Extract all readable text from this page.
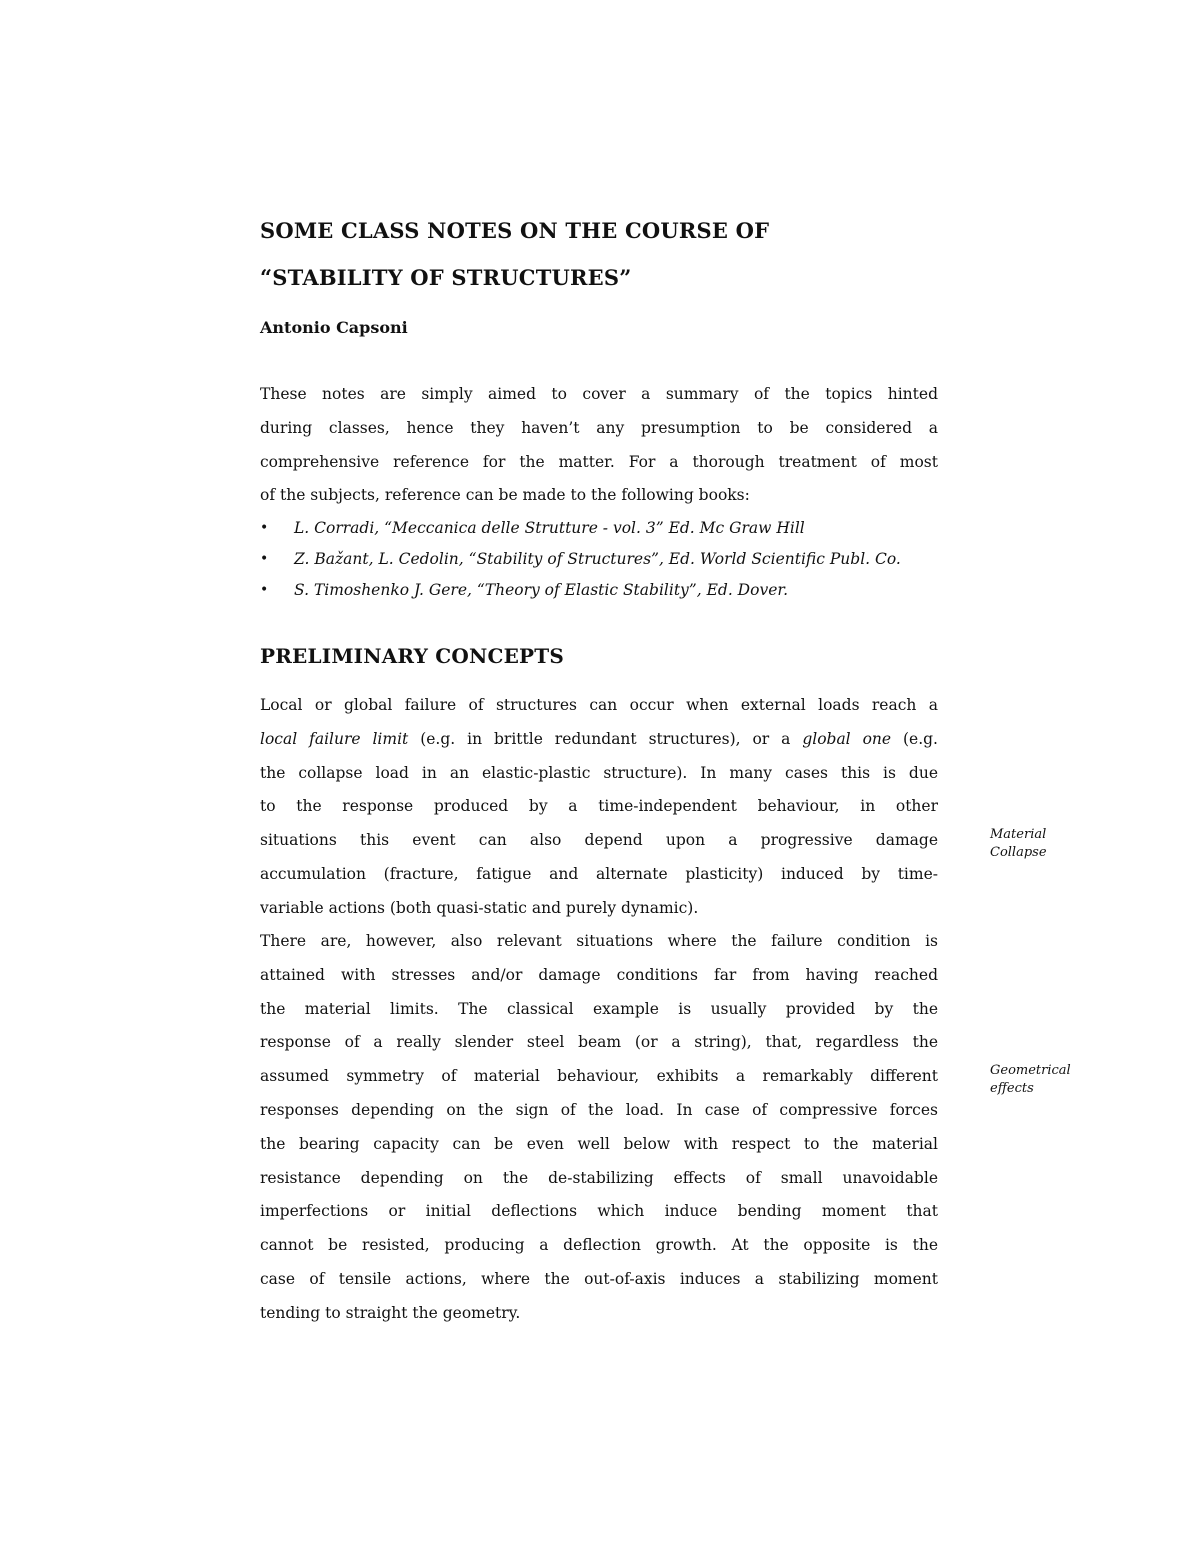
SOME CLASS NOTES ON THE COURSE OF
“STABILITY OF STRUCTURES”

Antonio Capsoni

These notes are simply aimed to cover a summary of the topics hinted
during classes, hence they haven’t any presumption to be considered a
comprehensive reference for the matter. For a thorough treatment of most
of the subjects, reference can be made to the following books:
• L. Corradi, “Meccanica delle Strutture - vol. 3” Ed. Mc Graw Hill
• Z. Bažant, L. Cedolin, “Stability of Structures”, Ed. World Scientific Publ. Co.
• S. Timoshenko J. Gere, “Theory of Elastic Stability”, Ed. Dover.
PRELIMINARY CONCEPTS
Local or global failure of structures can occur when external loads reach a
local failure limit (e.g. in brittle redundant structures), or a global one (e.g.
the collapse load in an elastic-plastic structure). In many cases this is due
to the response produced by a time-independent behaviour, in other
situations this event can also depend upon a progressive damage
accumulation (fracture, fatigue and alternate plasticity) induced by time-
variable actions (both quasi-static and purely dynamic).
There are, however, also relevant situations where the failure condition is
attained with stresses and/or damage conditions far from having reached
the material limits. The classical example is usually provided by the
response of a really slender steel beam (or a string), that, regardless the
assumed symmetry of material behaviour, exhibits a remarkably different
responses depending on the sign of the load. In case of compressive forces
the bearing capacity can be even well below with respect to the material
resistance depending on the de-stabilizing effects of small unavoidable
imperfections or initial deflections which induce bending moment that
cannot be resisted, producing a deflection growth. At the opposite is the
case of tensile actions, where the out-of-axis induces a stabilizing moment
tending to straight the geometry.
Material
Collapse
Geometrical
effects
